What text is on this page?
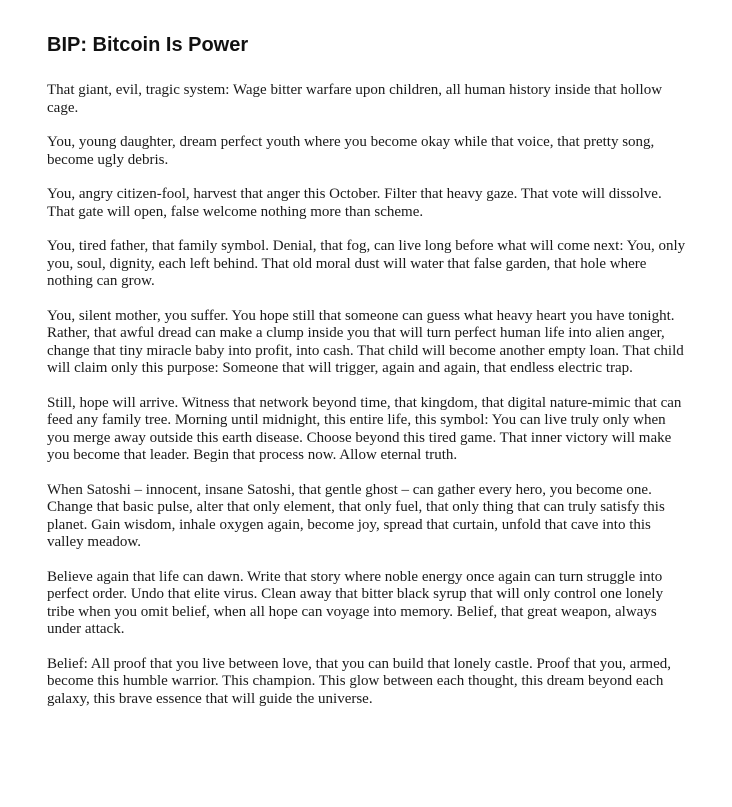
BIP: Bitcoin Is Power

That giant, evil, tragic system: Wage bitter warfare upon children, all human history inside that hollow cage.

You, young daughter, dream perfect youth where you become okay while that voice, that pretty song, become ugly debris.

You, angry citizen-fool, harvest that anger this October. Filter that heavy gaze. That vote will dissolve. That gate will open, false welcome nothing more than scheme.

You, tired father, that family symbol. Denial, that fog, can live long before what will come next: You, only you, soul, dignity, each left behind. That old moral dust will water that false garden, that hole where nothing can grow.

You, silent mother, you suffer. You hope still that someone can guess what heavy heart you have tonight. Rather, that awful dread can make a clump inside you that will turn perfect human life into alien anger, change that tiny miracle baby into profit, into cash. That child will become another empty loan. That child will claim only this purpose: Someone that will trigger, again and again, that endless electric trap.

Still, hope will arrive. Witness that network beyond time, that kingdom, that digital nature-mimic that can feed any family tree. Morning until midnight, this entire life, this symbol: You can live truly only when you merge away outside this earth disease. Choose beyond this tired game. That inner victory will make you become that leader. Begin that process now. Allow eternal truth.

When Satoshi – innocent, insane Satoshi, that gentle ghost – can gather every hero, you become one. Change that basic pulse, alter that only element, that only fuel, that only thing that can truly satisfy this planet. Gain wisdom, inhale oxygen again, become joy, spread that curtain, unfold that cave into this valley meadow.

Believe again that life can dawn. Write that story where noble energy once again can turn struggle into perfect order. Undo that elite virus. Clean away that bitter black syrup that will only control one lonely tribe when you omit belief, when all hope can voyage into memory. Belief, that great weapon, always under attack.

Belief: All proof that you live between love, that you can build that lonely castle. Proof that you, armed, become this humble warrior. This champion. This glow between each thought, this dream beyond each galaxy, this brave essence that will guide the universe.
